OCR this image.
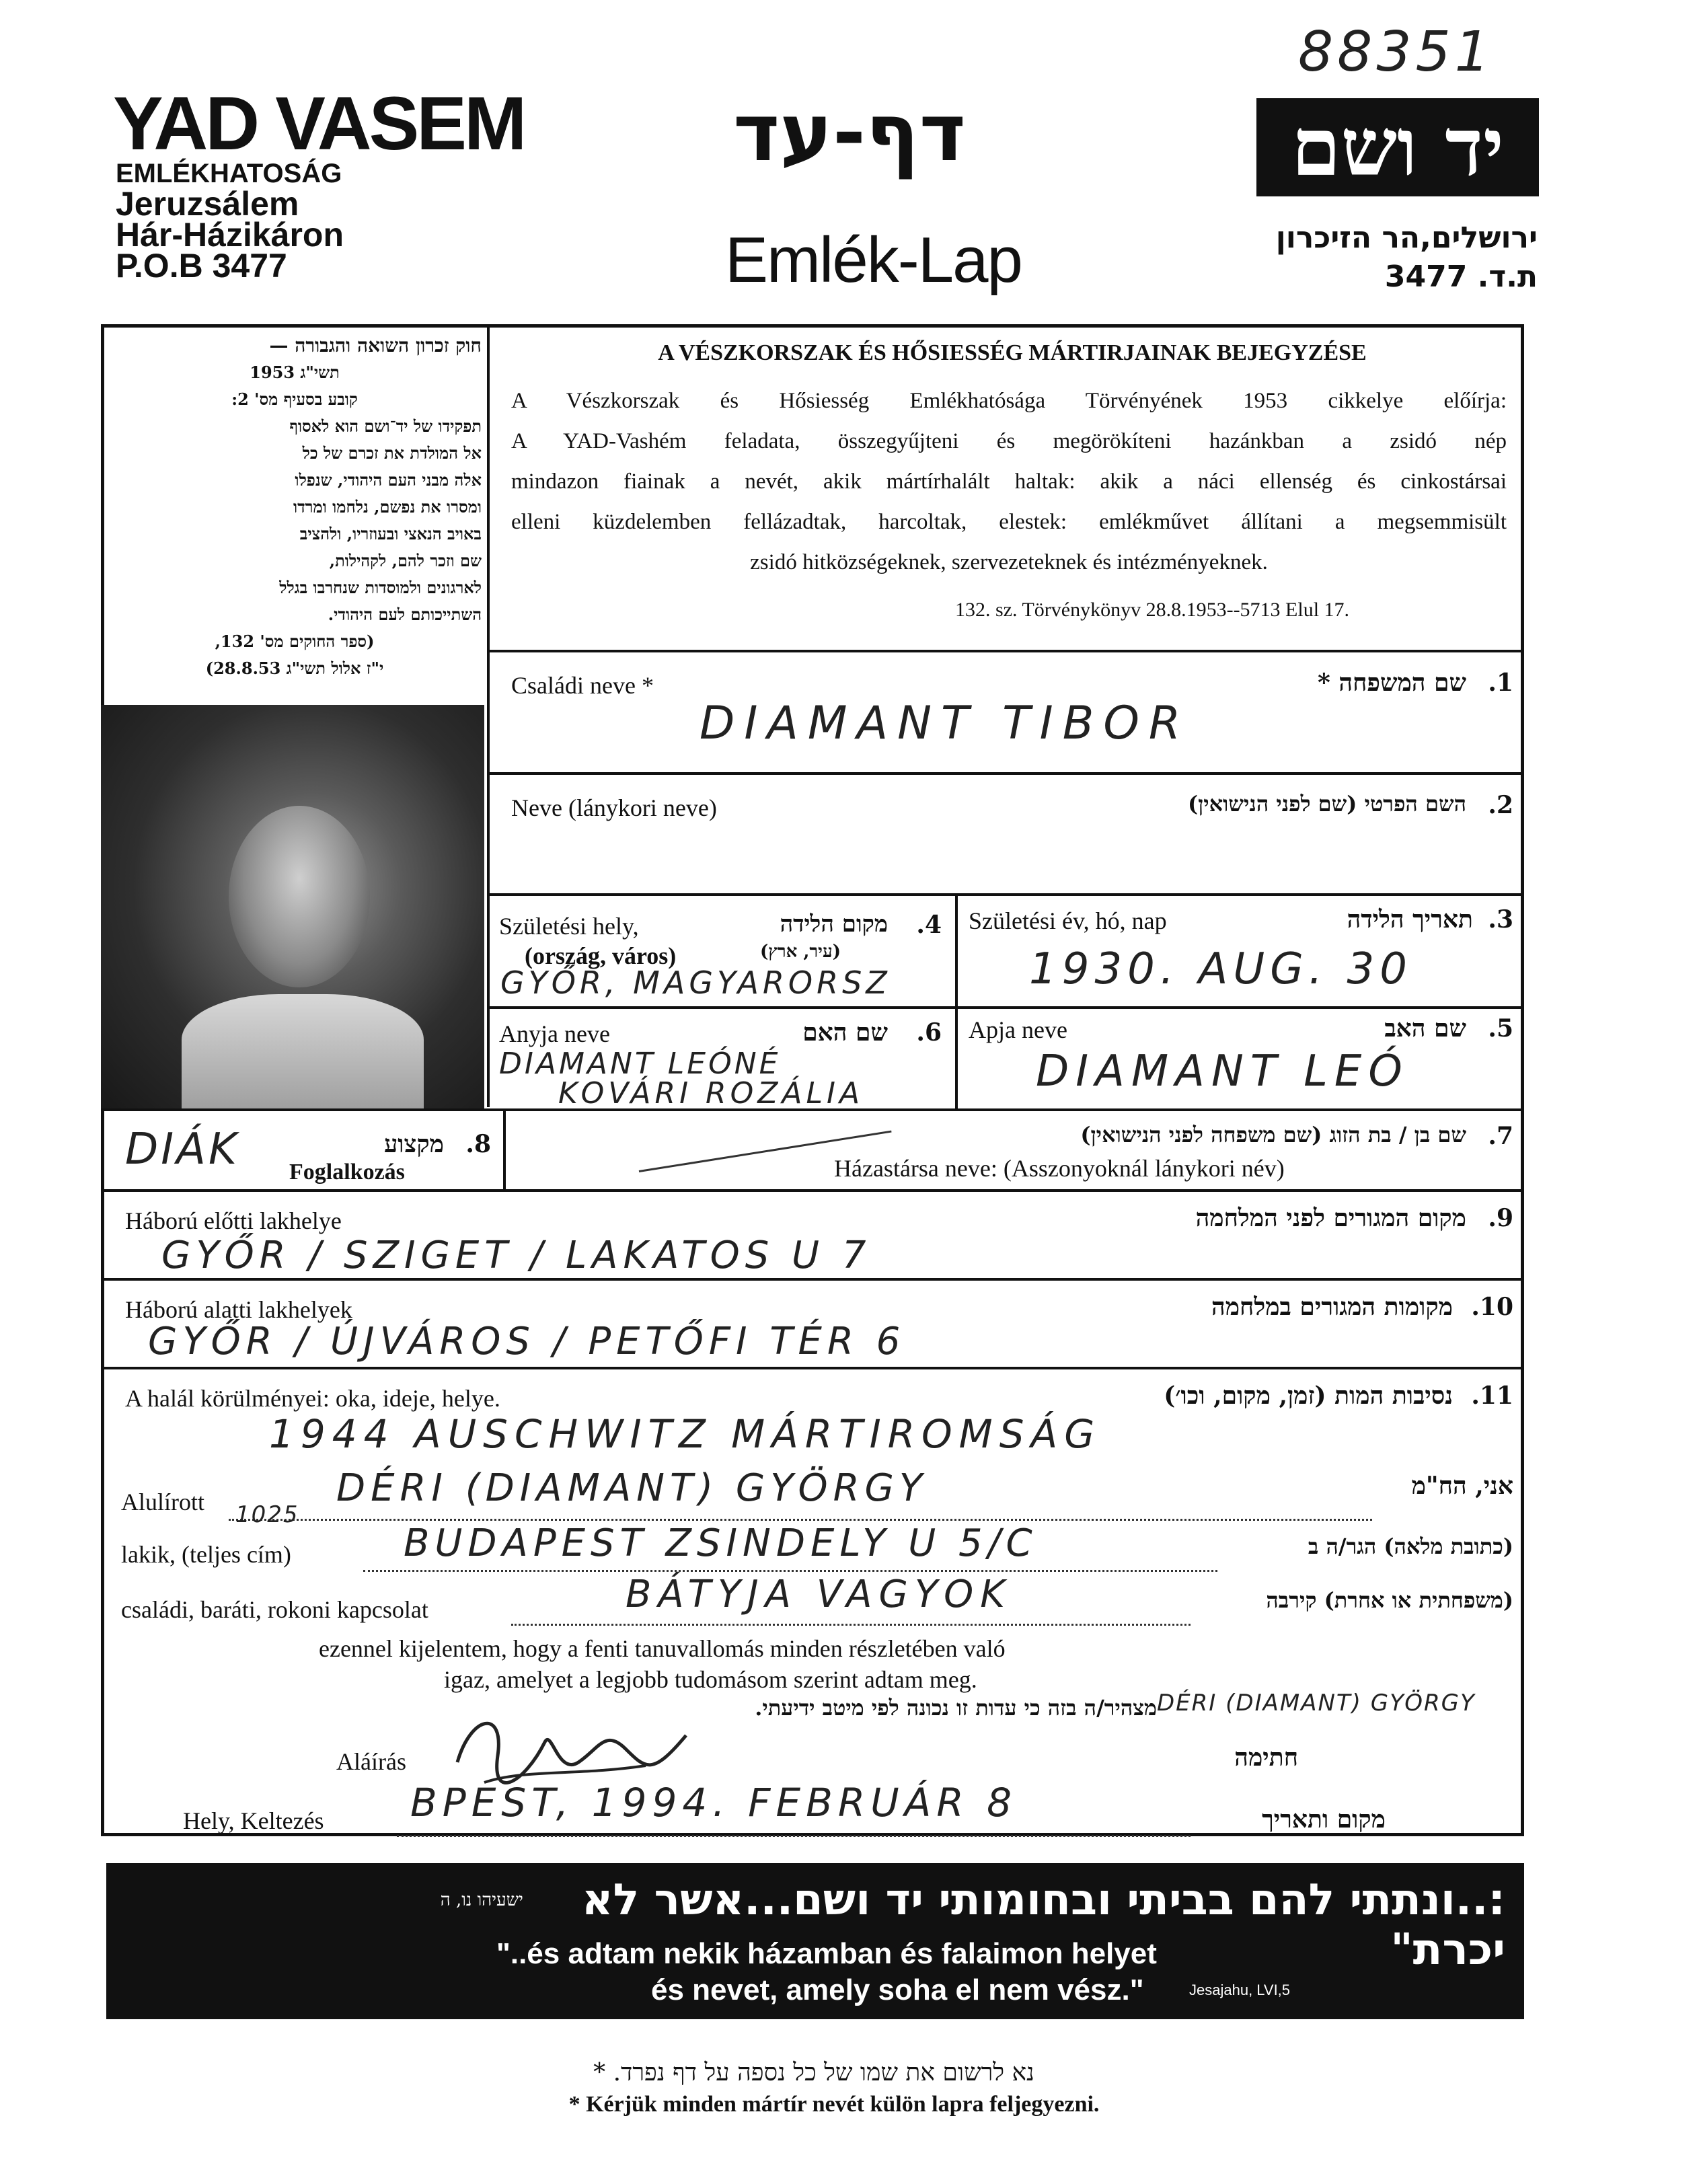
88351
YAD VASEM
EMLÉKHATOSÁG
Jeruzsálem
Hár-Házikáron
P.O.B 3477
דף-עד
Emlék-Lap
יד ושם
ירושלים,הר הזיכרון
ת.ד. 3477
חוק זכרון השואה והגבורה —
תשי"ג 1953
קובע בסעיף מס' 2:
תפקידו של יד־ושם הוא לאסוף
אל המולדת את זכרם של כל
אלה מבני העם היהודי, שנפלו
ומסרו את נפשם, נלחמו ומרדו
באויב הנאצי ובעוזריו, ולהציב
שם וזכר להם, לקהילות,
לארגונים ולמוסדות שנחרבו בגלל
השתייכותם לעם היהודי.
(ספר החוקים מס' 132,
י"ז אלול תשי"ג 28.8.53)
A VÉSZKORSZAK ÉS HŐSIESSÉG MÁRTIRJAINAK BEJEGYZÉSE
A Vészkorszak és Hősiesség Emlékhatósága Törvényének 1953 cikkelye előírja:
A YAD-Vashém feladata, összegyűjteni és megörökíteni hazánkban a zsidó nép
mindazon fiainak a nevét, akik mártírhalált haltak: akik a náci ellenség és cinkostársai
elleni küzdelemben fellázadtak, harcoltak, elestek: emlékművet állítani a megsemmisült
zsidó hitközségeknek, szervezeteknek és intézményeknek.
132. sz. Törvénykönyv 28.8.1953--5713 Elul 17.
Családi neve *	שם המשפחה * 1.
DIAMANT TIBOR
Neve (lánykori neve)	השם הפרטי (שם לפני הנישואין) 2.
Születési hely,	מקום הלידה	4.
(ország, város)	(עיר, ארץ)
GYŐR, MAGYARORSZ
Születési év, hó, nap	תאריך הלידה 3.
1930. AUG. 30
Anyja neve	שם האם	6.
DIAMANT LEÓNÉ
KOVÁRI ROZÁLIA
Apja neve	שם האב 5.
DIAMANT LEÓ
DIÁK	מקצוע 8.
Foglalkozás
שם בן / בת הזוג (שם משפחה לפני הנישואין) 7.
Házastársa neve: (Asszonyoknál lánykori név)
Háború előtti lakhelye	מקום המגורים לפני המלחמה 9.
GYŐR / SZIGET / LAKATOS U 7
Háború alatti lakhelyek	מקומות המגורים במלחמה 10.
GYŐR / ÚJVÁROS / PETŐFI TÉR 6
A halál körülményei: oka, ideje, helye.	נסיבות המות (זמן, מקום, וכו׳) 11.
1944 AUSCHWITZ MÁRTIROMSÁG
Alulírott	DÉRI (DIAMANT) GYÖRGY	אני, הח"מ
1025
lakik, (teljes cím)	BUDAPEST ZSINDELY U 5/C	(כתובת מלאה) הגר/ה ב
családi, baráti, rokoni kapcsolat	BÁTYJA VAGYOK	(משפחתית או אחרת) קירבה
ezennel kijelentem, hogy a fenti tanuvallomás minden részletében való
igaz, amelyet a legjobb tudomásom szerint adtam meg.
מצהיר/ה בזה כי עדות זו נכונה לפי מיטב ידיעתי. DÉRI (DIAMANT) GYÖRGY
Aláírás	חתימה
Hely, Keltezés BPEST, 1994. FEBRUÁR 8	מקום ותאריך
:..ונתתי להם בביתי ובחומותי יד ושם...אשר לא יכרת"
ישעיהו נו, ה
"..és adtam nekik házamban és falaimon helyet
és nevet, amely soha el nem vész."	Jesajahu, LVI,5
נא לרשום את שמו של כל נספה על דף נפרד. *
* Kérjük minden mártír nevét külön lapra feljegyezni.
